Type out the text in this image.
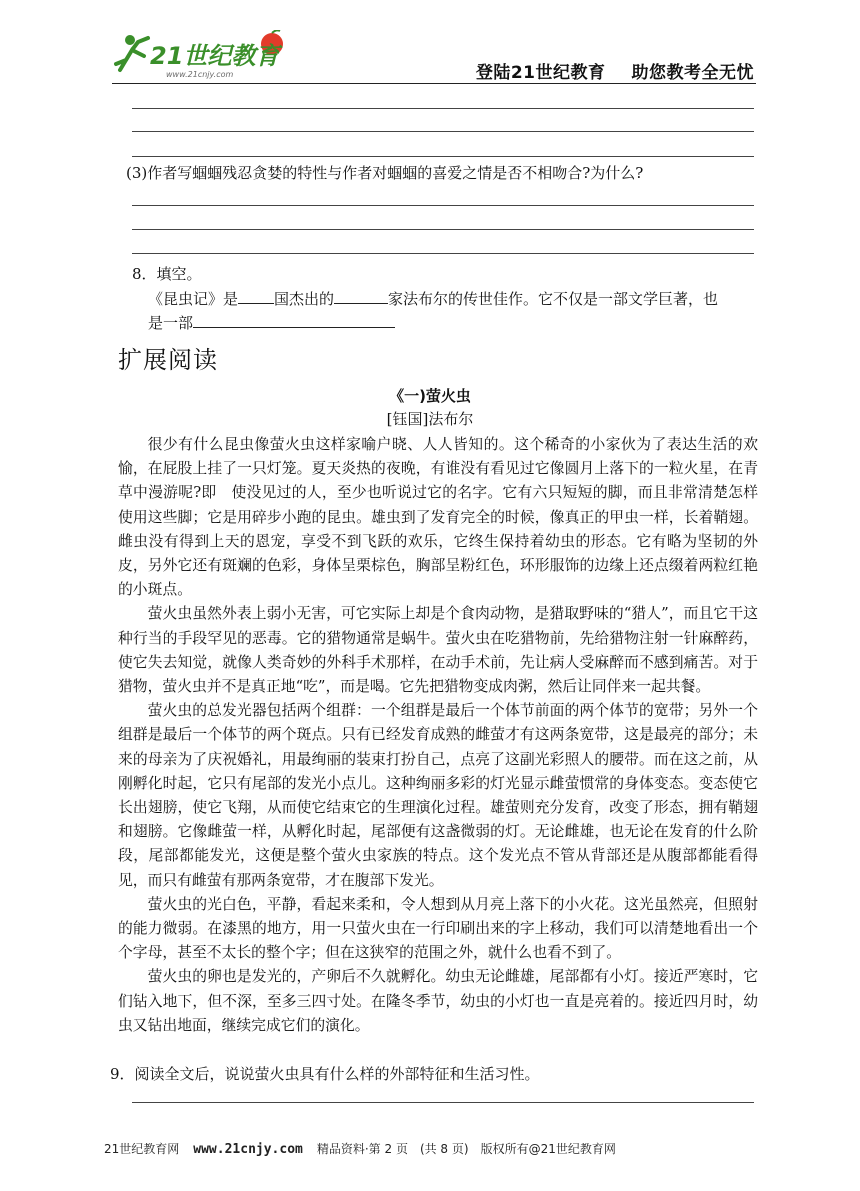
21世纪教育
www.21cnjy.com	登陆21世纪教育 助您教考全无忧
(3)作者写蝈蝈残忍贪婪的特性与作者对蝈蝈的喜爱之情是否不相吻合?为什么?
8．填空。
《昆虫记》是 国杰出的	家法布尔的传世佳作。它不仅是一部文学巨著，也
是一部
扩展阅读
《一)萤火虫
[钰国]法布尔

很少有什么昆虫像萤火虫这样家喻户晓、人人皆知的。这个稀奇的小家伙为了表达生活的欢愉，在屁股上挂了一只灯笼。夏天炎热的夜晚，有谁没有看见过它像圆月上落下的一粒火星，在青草中漫游呢?即　使没见过的人，至少也听说过它的名字。它有六只短短的脚，而且非常清楚怎样使用这些脚；它是用碎步小跑的昆虫。雄虫到了发育完全的时候，像真正的甲虫一样，长着鞘翅。雌虫没有得到上天的恩宠，享受不到飞跃的欢乐，它终生保持着幼虫的形态。它有略为坚韧的外皮，另外它还有斑斓的色彩，身体呈栗棕色，胸部呈粉红色，环形服饰的边缘上还点缀着两粒红艳的小斑点。

萤火虫虽然外表上弱小无害，可它实际上却是个食肉动物，是猎取野味的“猎人”，而且它干这种行当的手段罕见的恶毒。它的猎物通常是蜗牛。萤火虫在吃猎物前，先给猎物注射一针麻醉药，使它失去知觉，就像人类奇妙的外科手术那样，在动手术前，先让病人受麻醉而不感到痛苦。对于猎物，萤火虫并不是真正地“吃”，而是喝。它先把猎物变成肉粥，然后让同伴来一起共餐。

萤火虫的总发光器包括两个组群：一个组群是最后一个体节前面的两个体节的宽带；另外一个组群是最后一个体节的两个斑点。只有已经发育成熟的雌萤才有这两条宽带，这是最亮的部分；未来的母亲为了庆祝婚礼，用最绚丽的装束打扮自己，点亮了这副光彩照人的腰带。而在这之前，从刚孵化时起，它只有尾部的发光小点儿。这种绚丽多彩的灯光显示雌萤惯常的身体变态。变态使它长出翅膀，使它飞翔，从而使它结束它的生理演化过程。雄萤则充分发育，改变了形态，拥有鞘翅和翅膀。它像雌萤一样，从孵化时起，尾部便有这盏微弱的灯。无论雌雄，也无论在发育的什么阶段，尾部都能发光，这便是整个萤火虫家族的特点。这个发光点不管从背部还是从腹部都能看得见，而只有雌萤有那两条宽带，才在腹部下发光。

萤火虫的光白色，平静，看起来柔和，令人想到从月亮上落下的小火花。这光虽然亮，但照射的能力微弱。在漆黑的地方，用一只萤火虫在一行印刷出来的字上移动，我们可以清楚地看出一个个字母，甚至不太长的整个字；但在这狭窄的范围之外，就什么也看不到了。

萤火虫的卵也是发光的，产卵后不久就孵化。幼虫无论雌雄，尾部都有小灯。接近严寒时，它们钻入地下，但不深，至多三四寸处。在隆冬季节，幼虫的小灯也一直是亮着的。接近四月时，幼虫又钻出地面，继续完成它们的演化。

9．阅读全文后，说说萤火虫具有什么样的外部特征和生活习性。
21世纪教育网 www.21cnjy.com 精品资料·第 2 页　(共 8 页) 版权所有@21世纪教育网
